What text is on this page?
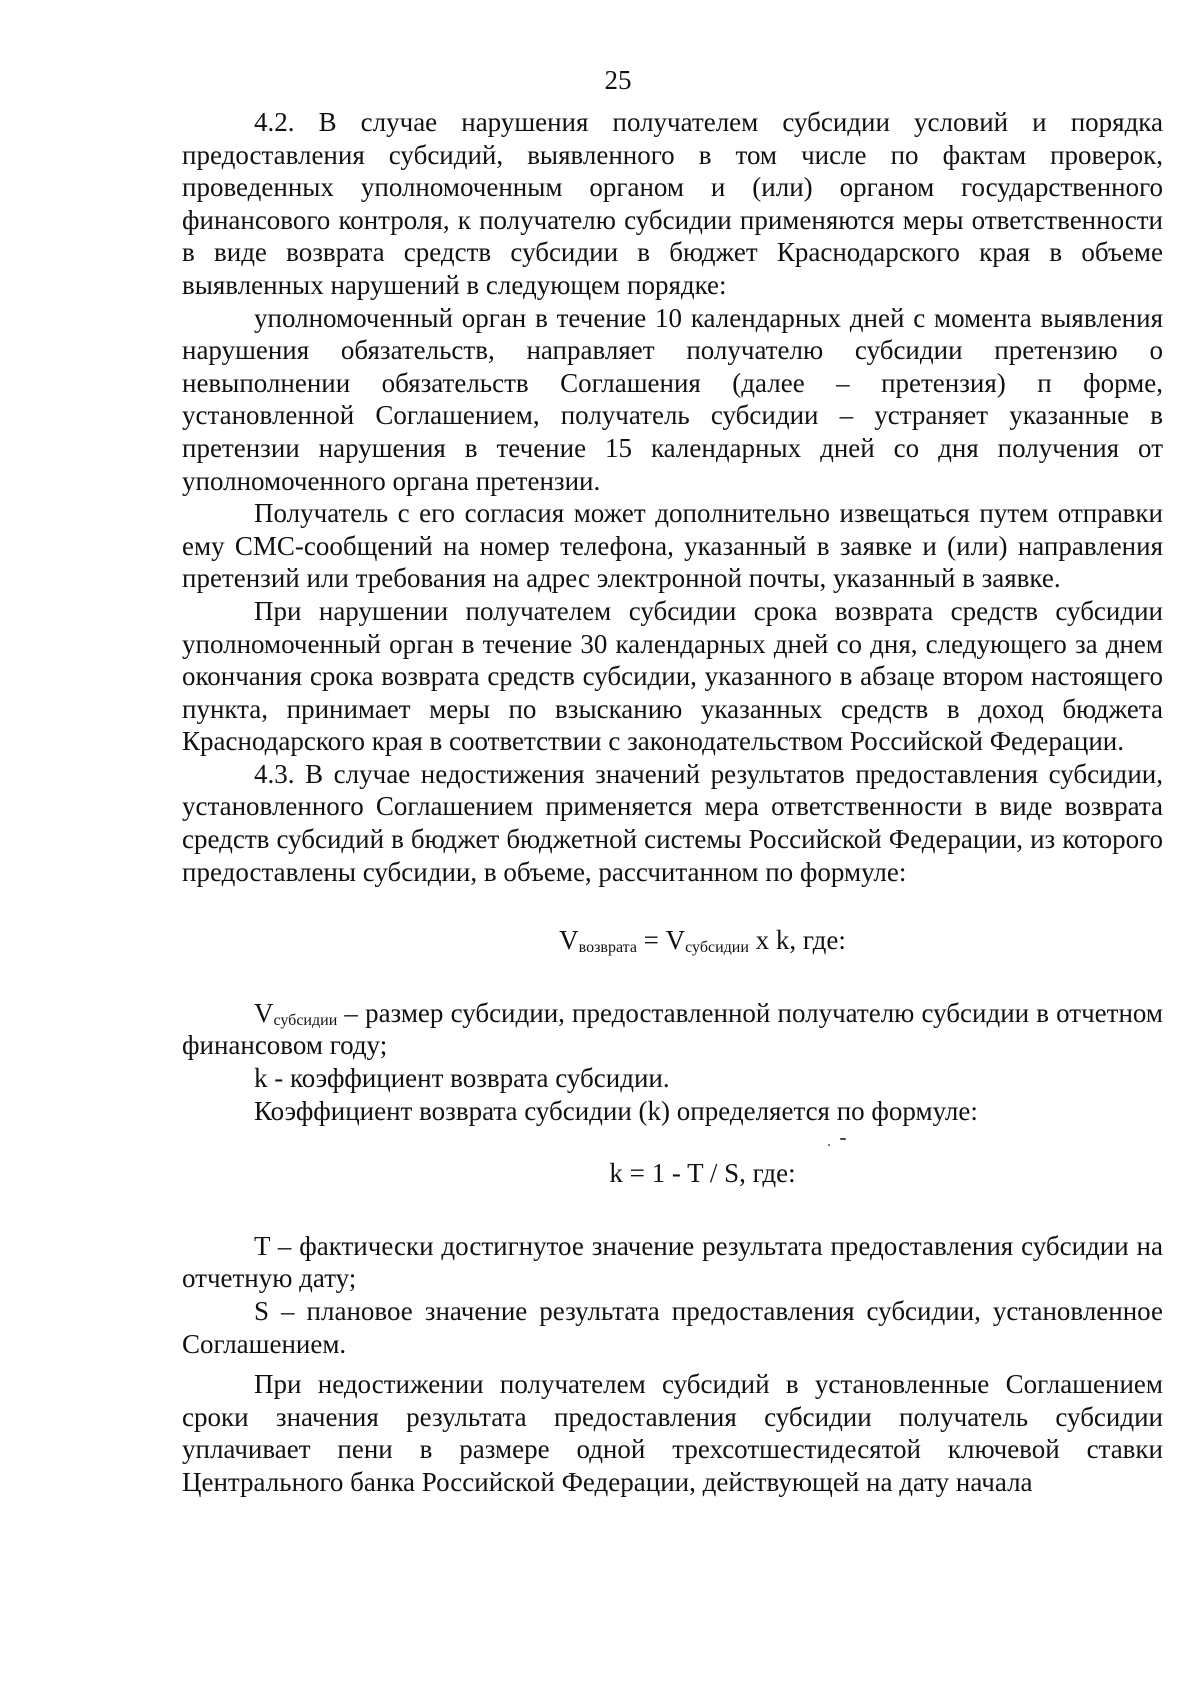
25

4.2. В случае нарушения получателем субсидии условий и порядка предоставления субсидий, выявленного в том числе по фактам проверок, проведенных уполномоченным органом и (или) органом государственного финансового контроля, к получателю субсидии применяются меры ответственности в виде возврата средств субсидии в бюджет Краснодарского края в объеме выявленных нарушений в следующем порядке:

уполномоченный орган в течение 10 календарных дней с момента выявления нарушения обязательств, направляет получателю субсидии претензию о невыполнении обязательств Соглашения (далее – претензия) п форме, установленной Соглашением, получатель субсидии – устраняет указанные в претензии нарушения в течение 15 календарных дней со дня получения от уполномоченного органа претензии.

Получатель с его согласия может дополнительно извещаться путем отправки ему СМС-сообщений на номер телефона, указанный в заявке и (или) направления претензий или требования на адрес электронной почты, указанный в заявке.

При нарушении получателем субсидии срока возврата средств субсидии уполномоченный орган в течение 30 календарных дней со дня, следующего за днем окончания срока возврата средств субсидии, указанного в абзаце втором настоящего пункта, принимает меры по взысканию указанных средств в доход бюджета Краснодарского края в соответствии с законодательством Российской Федерации.

4.3. В случае недостижения значений результатов предоставления субсидии, установленного Соглашением применяется мера ответственности в виде возврата средств субсидий в бюджет бюджетной системы Российской Федерации, из которого предоставлены субсидии, в объеме, рассчитанном по формуле:

$V_{возврата} = V_{субсидии}$ x k, где:

$V_{субсидии}$ – размер субсидии, предоставленной получателю субсидии в отчетном финансовом году;

k - коэффициент возврата субсидии.

Коэффициент возврата субсидии (k) определяется по формуле:

k = 1 - T / S, где:

T – фактически достигнутое значение результата предоставления субсидии на отчетную дату;

S – плановое значение результата предоставления субсидии, установленное Соглашением.

При недостижении получателем субсидий в установленные Соглашением сроки значения результата предоставления субсидии получатель субсидии уплачивает пени в размере одной трехсотшестидесятой ключевой ставки Центрального банка Российской Федерации, действующей на дату начала
